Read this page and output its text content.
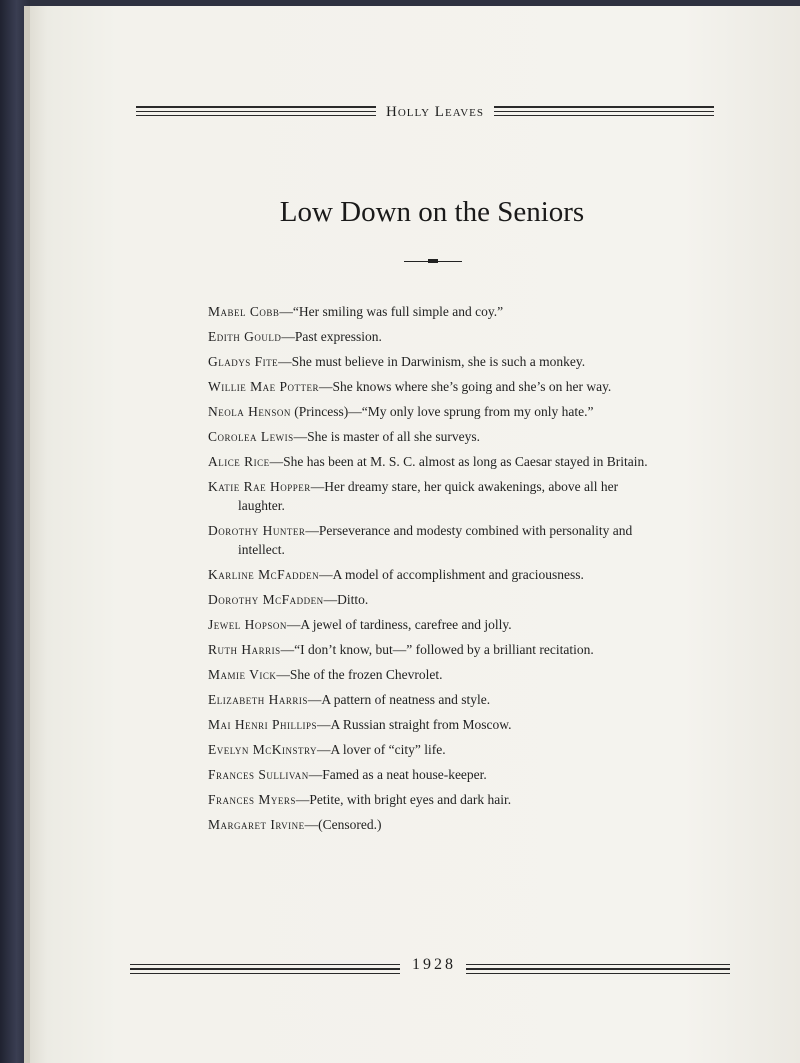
Holly Leaves
Low Down on the Seniors
Mabel Cobb—“Her smiling was full simple and coy.”
Edith Gould—Past expression.
Gladys Fite—She must believe in Darwinism, she is such a monkey.
Willie Mae Potter—She knows where she’s going and she’s on her way.
Neola Henson (Princess)—“My only love sprung from my only hate.”
Corolea Lewis—She is master of all she surveys.
Alice Rice—She has been at M. S. C. almost as long as Caesar stayed in Britain.
Katie Rae Hopper—Her dreamy stare, her quick awakenings, above all her laughter.
Dorothy Hunter—Perseverance and modesty combined with personality and intellect.
Karline McFadden—A model of accomplishment and graciousness.
Dorothy McFadden—Ditto.
Jewel Hopson—A jewel of tardiness, carefree and jolly.
Ruth Harris—“I don’t know, but—” followed by a brilliant recitation.
Mamie Vick—She of the frozen Chevrolet.
Elizabeth Harris—A pattern of neatness and style.
Mai Henri Phillips—A Russian straight from Moscow.
Evelyn McKinstry—A lover of “city” life.
Frances Sullivan—Famed as a neat house-keeper.
Frances Myers—Petite, with bright eyes and dark hair.
Margaret Irvine—(Censored.)
1928
